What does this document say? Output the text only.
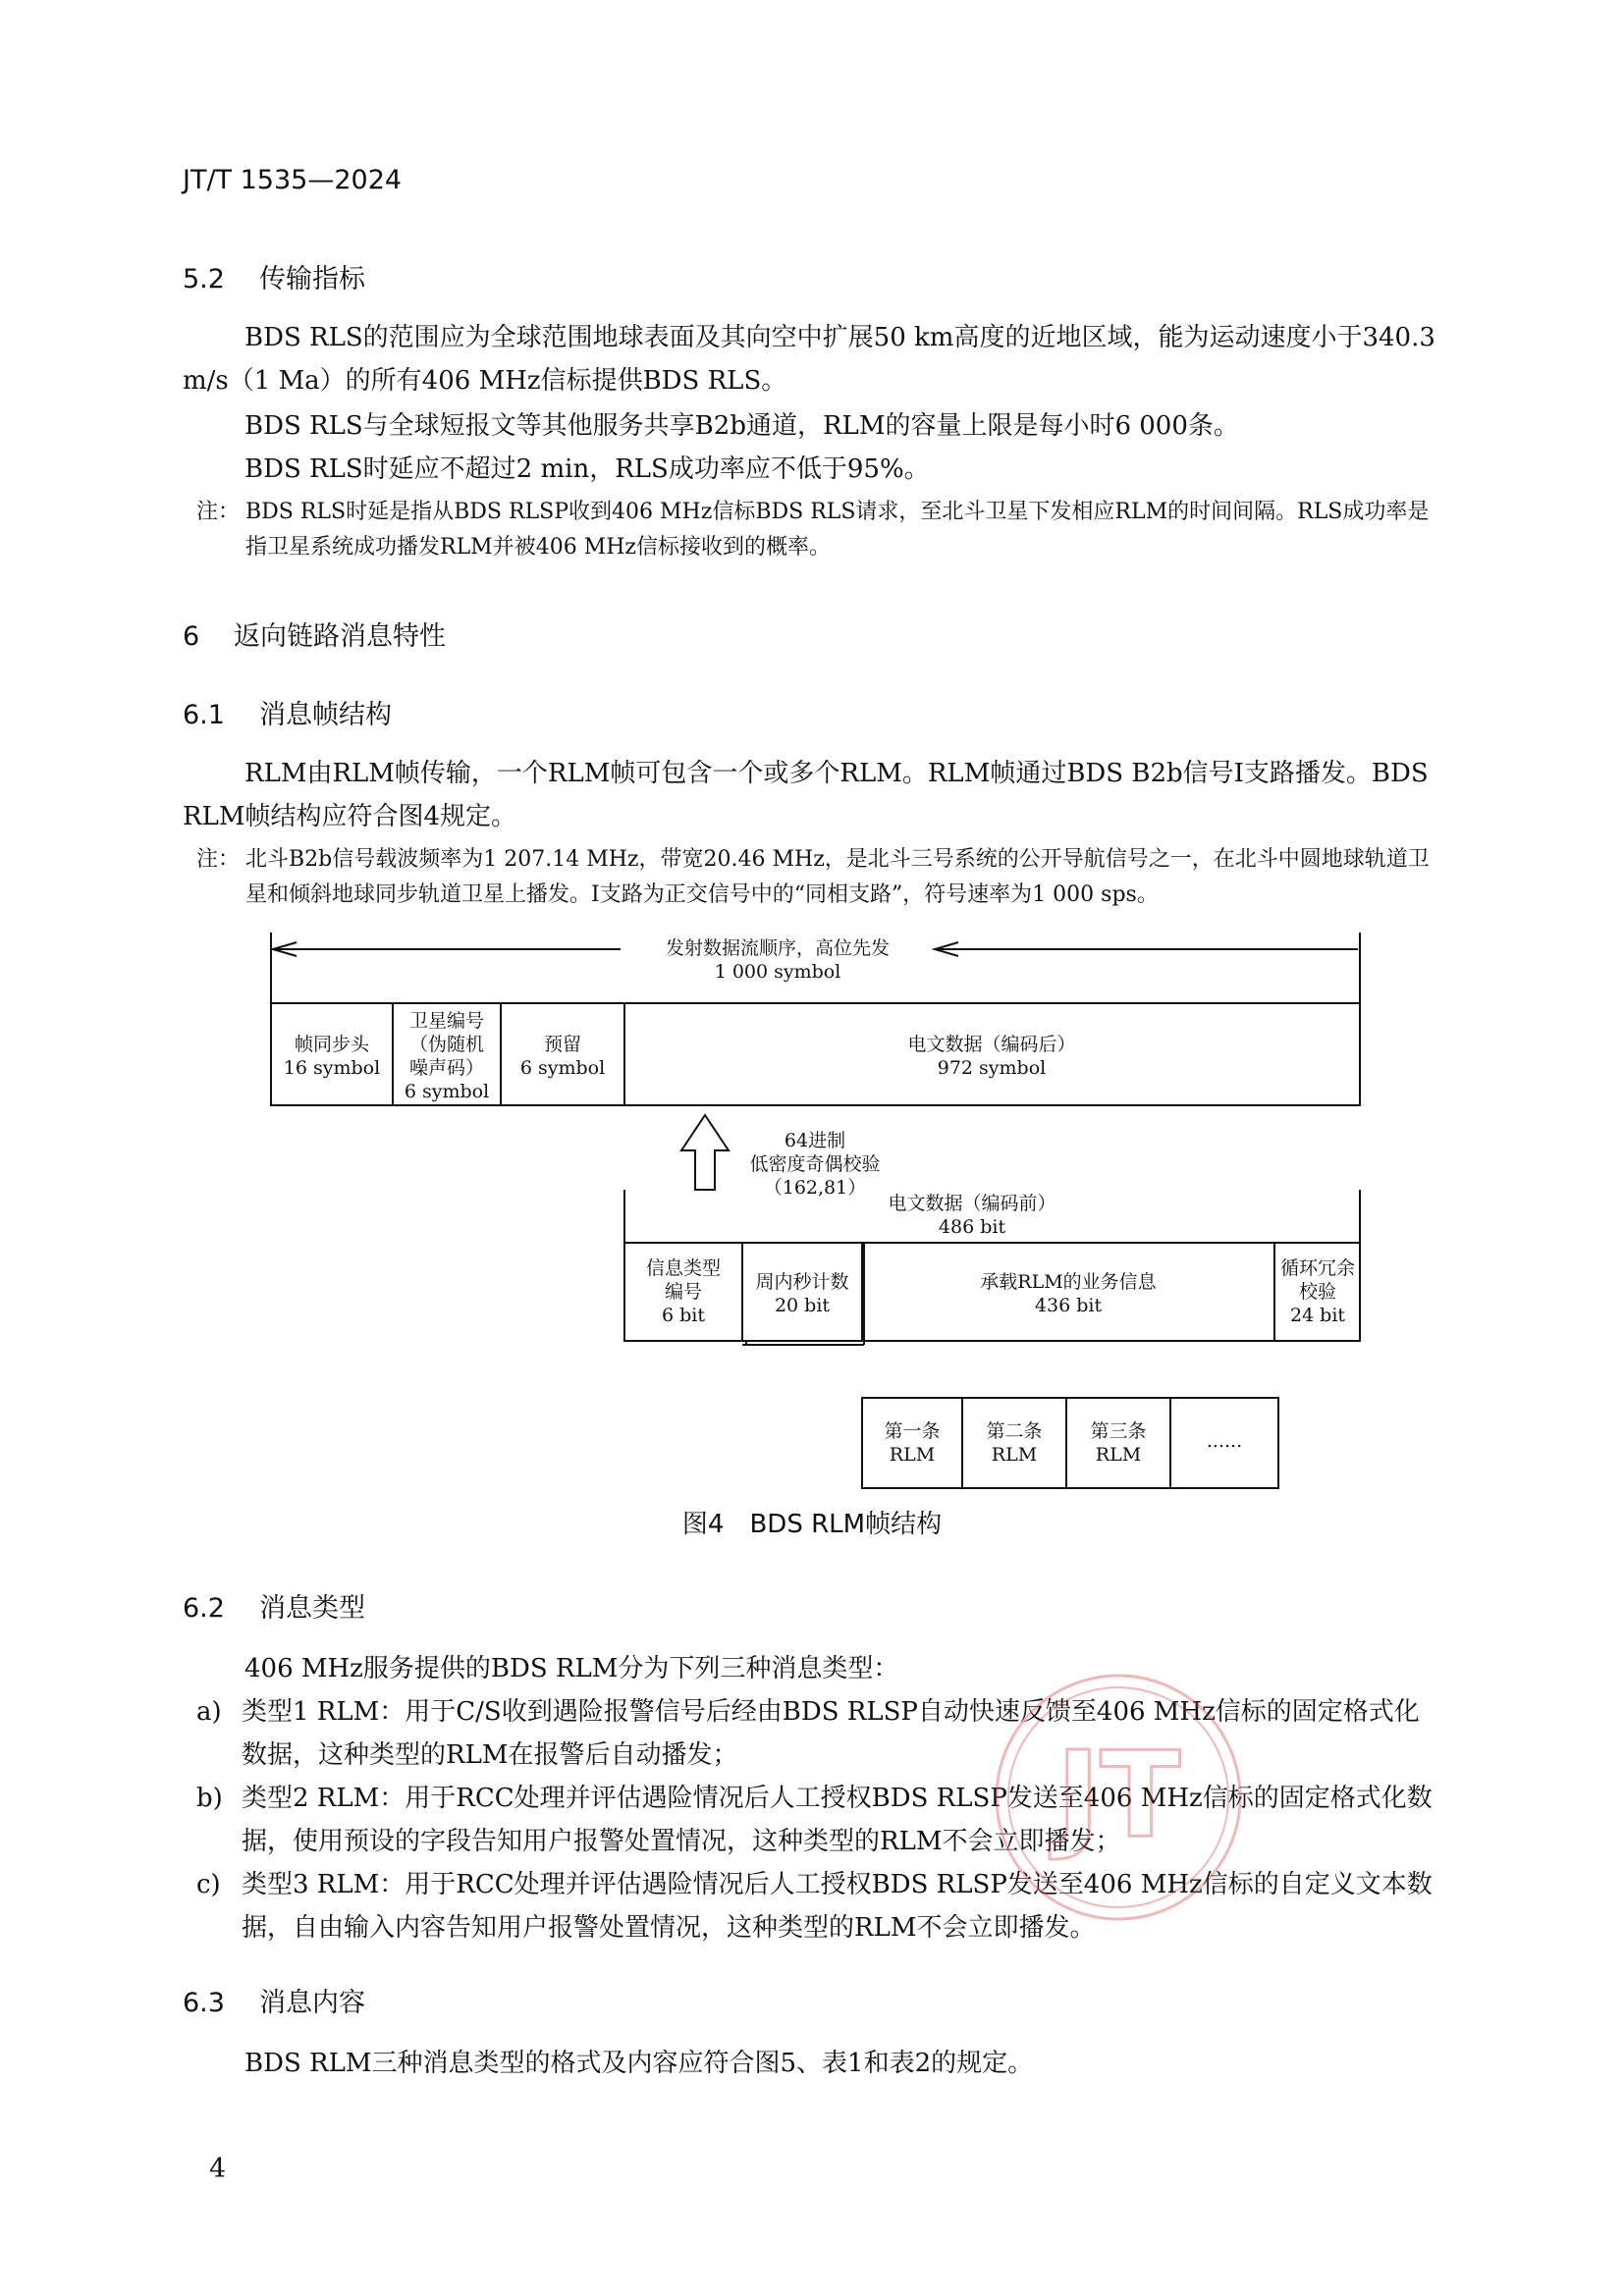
JT/T 1535—2024
5.2 传输指标

BDS RLS的范围应为全球范围地球表面及其向空中扩展50 km高度的近地区域，能为运动速度小于340.3 m/s（1 Ma）的所有406 MHz信标提供BDS RLS。

BDS RLS与全球短报文等其他服务共享B2b通道，RLM的容量上限是每小时6 000条。

BDS RLS时延应不超过2 min，RLS成功率应不低于95%。

注： BDS RLS时延是指从BDS RLSP收到406 MHz信标BDS RLS请求，至北斗卫星下发相应RLM的时间间隔。RLS成功率是指卫星系统成功播发RLM并被406 MHz信标接收到的概率。
6 返向链路消息特性
6.1 消息帧结构

RLM由RLM帧传输，一个RLM帧可包含一个或多个RLM。RLM帧通过BDS B2b信号I支路播发。BDS RLM帧结构应符合图4规定。

注： 北斗B2b信号载波频率为1 207.14 MHz，带宽20.46 MHz，是北斗三号系统的公开导航信号之一，在北斗中圆地球轨道卫星和倾斜地球同步轨道卫星上播发。I支路为正交信号中的“同相支路”，符号速率为1 000 sps。
发射数据流顺序，高位先发
1 000 symbol
帧同步头
16 symbol
卫星编号
（伪随机
噪声码）
6 symbol
预留
6 symbol
电文数据（编码后）
972 symbol
64进制
低密度奇偶校验
（162,81）
电文数据（编码前）
486 bit
信息类型
编号
6 bit
周内秒计数
20 bit
承载RLM的业务信息
436 bit
循环冗余
校验
24 bit
第一条
RLM
第二条
RLM
第三条
RLM
......
图4　BDS RLM帧结构
6.2 消息类型

406 MHz服务提供的BDS RLM分为下列三种消息类型：

a) 类型1 RLM：用于C/S收到遇险报警信号后经由BDS RLSP自动快速反馈至406 MHz信标的固定格式化数据，这种类型的RLM在报警后自动播发；
b) 类型2 RLM：用于RCC处理并评估遇险情况后人工授权BDS RLSP发送至406 MHz信标的固定格式化数据，使用预设的字段告知用户报警处置情况，这种类型的RLM不会立即播发；
c) 类型3 RLM：用于RCC处理并评估遇险情况后人工授权BDS RLSP发送至406 MHz信标的自定义文本数据，自由输入内容告知用户报警处置情况，这种类型的RLM不会立即播发。
6.3 消息内容

BDS RLM三种消息类型的格式及内容应符合图5、表1和表2的规定。

JT
4
